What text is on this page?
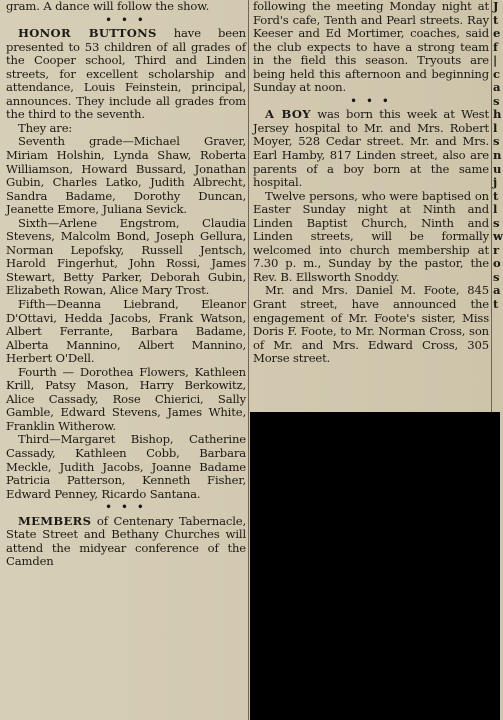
gram. A dance will follow the show.

• • •

HONOR BUTTONS have been presented to 53 children of all grades of the Cooper school, Third and Linden streets, for excellent scholarship and attendance, Louis Feinstein, principal, announces. They include all grades from the third to the seventh.

They are:

Seventh grade—Michael Graver, Miriam Holshin, Lynda Shaw, Roberta Williamson, Howard Bussard, Jonathan Gubin, Charles Latko, Judith Albrecht, Sandra Badame, Dorothy Duncan, Jeanette Emore, Juliana Sevick.

Sixth—Arlene Engstrom, Claudia Stevens, Malcolm Bond, Joseph Gellura, Norman Lepofsky, Russell Jentsch, Harold Fingerhut, John Rossi, James Stewart, Betty Parker, Deborah Gubin, Elizabeth Rowan, Alice Mary Trost.

Fifth—Deanna Liebrand, Eleanor D'Ottavi, Hedda Jacobs, Frank Watson, Albert Ferrante, Barbara Badame, Alberta Mannino, Albert Mannino, Herbert O'Dell.

Fourth — Dorothea Flowers, Kathleen Krill, Patsy Mason, Harry Berkowitz, Alice Cassady, Rose Chierici, Sally Gamble, Edward Stevens, James White, Franklin Witherow.

Third—Margaret Bishop, Catherine Cassady, Kathleen Cobb, Barbara Meckle, Judith Jacobs, Joanne Badame Patricia Patterson, Kenneth Fisher, Edward Penney, Ricardo Santana.

• • •

MEMBERS of Centenary Tabernacle, State Street and Bethany Churches will attend the midyear conference of the Camden

following the meeting Monday night at Ford's cafe, Tenth and Pearl streets. Ray Keeser and Ed Mortimer, coaches, said the club expects to have a strong team in the field this season. Tryouts are being held this afternoon and beginning Sunday at noon.

• • •

A BOY was born this week at West Jersey hospital to Mr. and Mrs. Robert Moyer, 528 Cedar street. Mr. and Mrs. Earl Hamby, 817 Linden street, also are parents of a boy born at the same hospital.

Twelve persons, who were baptised on Easter Sunday night at Ninth and Linden Baptist Church, Ninth and Linden streets, will be formally welcomed into church membership at 7.30 p. m., Sunday by the pastor, the Rev. B. Ellsworth Snoddy.

Mr. and Mrs. Daniel M. Foote, 845 Grant street, have announced the engagement of Mr. Foote's sister, Miss Doris F. Foote, to Mr. Norman Cross, son of Mr. and Mrs. Edward Cross, 305 Morse street.

J
t
e
f
|
c
a
s
h
l
s
n
u
j
t
l
s
w
r
o
s
a
t
